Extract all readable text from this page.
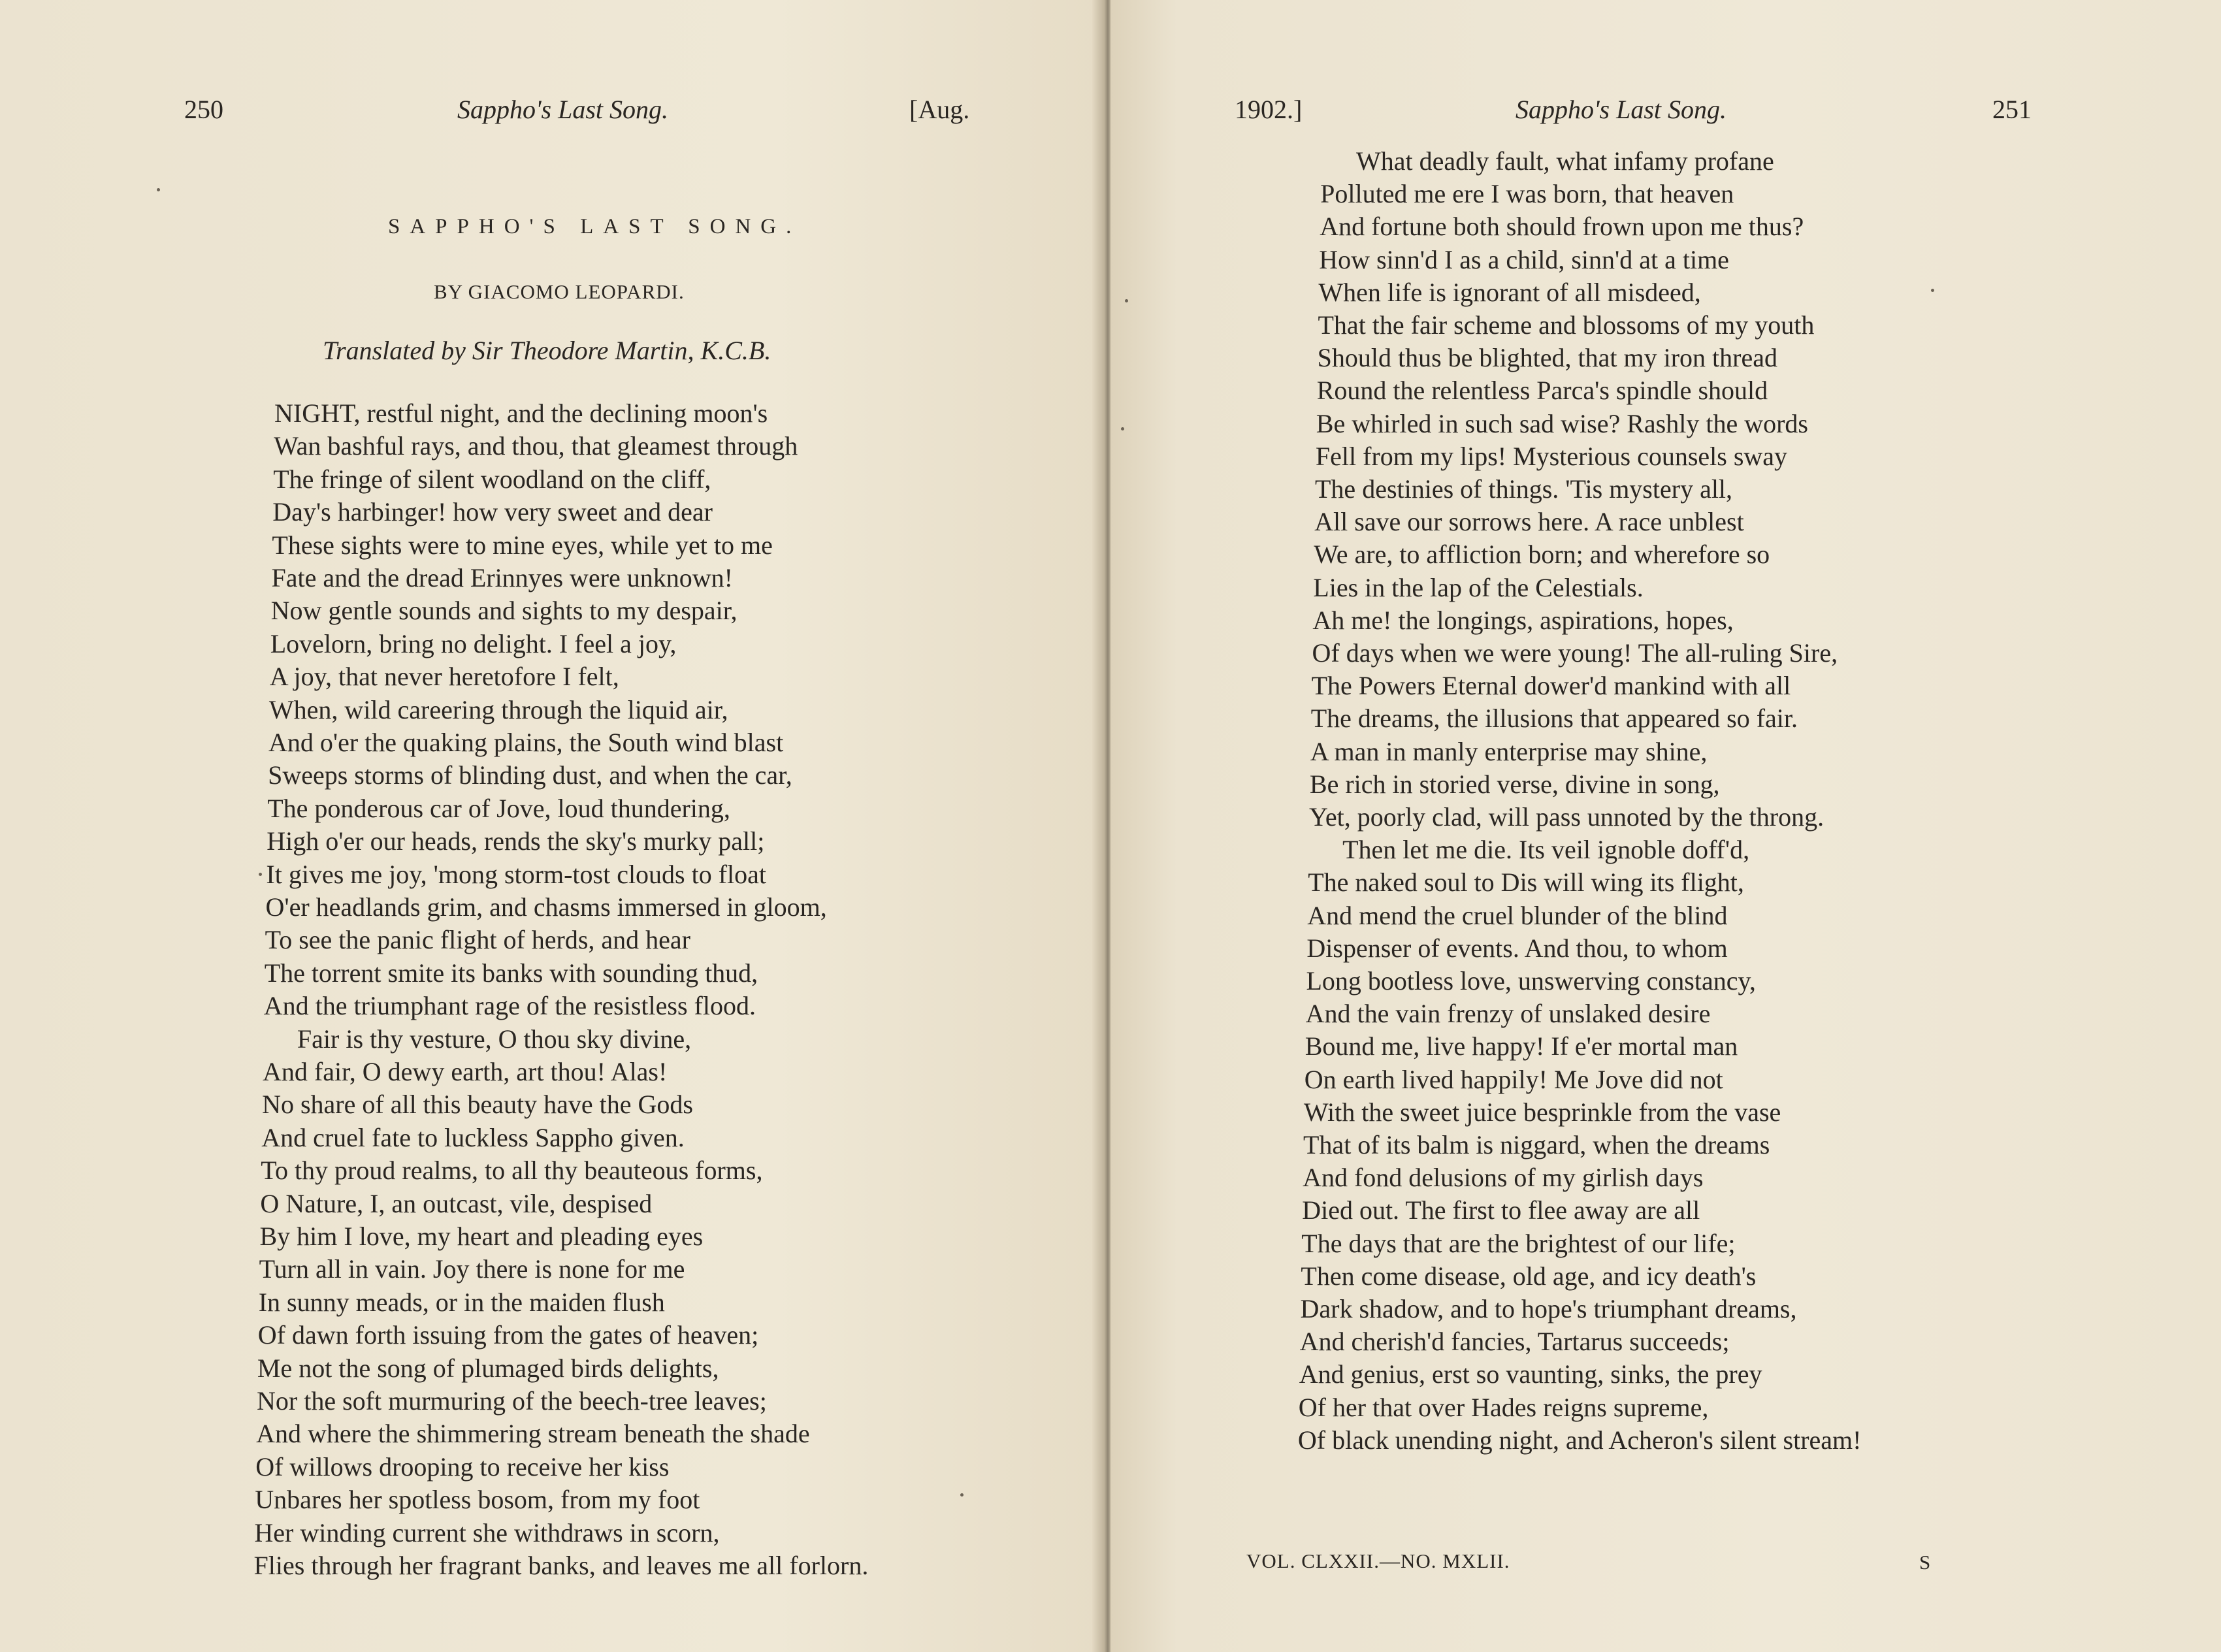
250	Sappho's Last Song.	[Aug.
SAPPHO'S LAST SONG.
BY GIACOMO LEOPARDI.
Translated by Sir Theodore Martin, K.C.B.
NIGHT, restful night, and the declining moon's
Wan bashful rays, and thou, that gleamest through
The fringe of silent woodland on the cliff,
Day's harbinger! how very sweet and dear
These sights were to mine eyes, while yet to me
Fate and the dread Erinnyes were unknown!
Now gentle sounds and sights to my despair,
Lovelorn, bring no delight. I feel a joy,
A joy, that never heretofore I felt,
When, wild careering through the liquid air,
And o'er the quaking plains, the South wind blast
Sweeps storms of blinding dust, and when the car,
The ponderous car of Jove, loud thundering,
High o'er our heads, rends the sky's murky pall;
It gives me joy, 'mong storm-tost clouds to float
O'er headlands grim, and chasms immersed in gloom,
To see the panic flight of herds, and hear
The torrent smite its banks with sounding thud,
And the triumphant rage of the resistless flood.
Fair is thy vesture, O thou sky divine,
And fair, O dewy earth, art thou! Alas!
No share of all this beauty have the Gods
And cruel fate to luckless Sappho given.
To thy proud realms, to all thy beauteous forms,
O Nature, I, an outcast, vile, despised
By him I love, my heart and pleading eyes
Turn all in vain. Joy there is none for me
In sunny meads, or in the maiden flush
Of dawn forth issuing from the gates of heaven;
Me not the song of plumaged birds delights,
Nor the soft murmuring of the beech-tree leaves;
And where the shimmering stream beneath the shade
Of willows drooping to receive her kiss
Unbares her spotless bosom, from my foot
Her winding current she withdraws in scorn,
Flies through her fragrant banks, and leaves me all forlorn.
1902.]	Sappho's Last Song.	251
What deadly fault, what infamy profane
Polluted me ere I was born, that heaven
And fortune both should frown upon me thus?
How sinn'd I as a child, sinn'd at a time
When life is ignorant of all misdeed,
That the fair scheme and blossoms of my youth
Should thus be blighted, that my iron thread
Round the relentless Parca's spindle should
Be whirled in such sad wise? Rashly the words
Fell from my lips! Mysterious counsels sway
The destinies of things. 'Tis mystery all,
All save our sorrows here. A race unblest
We are, to affliction born; and wherefore so
Lies in the lap of the Celestials.
Ah me! the longings, aspirations, hopes,
Of days when we were young! The all-ruling Sire,
The Powers Eternal dower'd mankind with all
The dreams, the illusions that appeared so fair.
A man in manly enterprise may shine,
Be rich in storied verse, divine in song,
Yet, poorly clad, will pass unnoted by the throng.
Then let me die. Its veil ignoble doff'd,
The naked soul to Dis will wing its flight,
And mend the cruel blunder of the blind
Dispenser of events. And thou, to whom
Long bootless love, unswerving constancy,
And the vain frenzy of unslaked desire
Bound me, live happy! If e'er mortal man
On earth lived happily! Me Jove did not
With the sweet juice besprinkle from the vase
That of its balm is niggard, when the dreams
And fond delusions of my girlish days
Died out. The first to flee away are all
The days that are the brightest of our life;
Then come disease, old age, and icy death's
Dark shadow, and to hope's triumphant dreams,
And cherish'd fancies, Tartarus succeeds;
And genius, erst so vaunting, sinks, the prey
Of her that over Hades reigns supreme,
Of black unending night, and Acheron's silent stream!
VOL. CLXXII.—NO. MXLII.	S
